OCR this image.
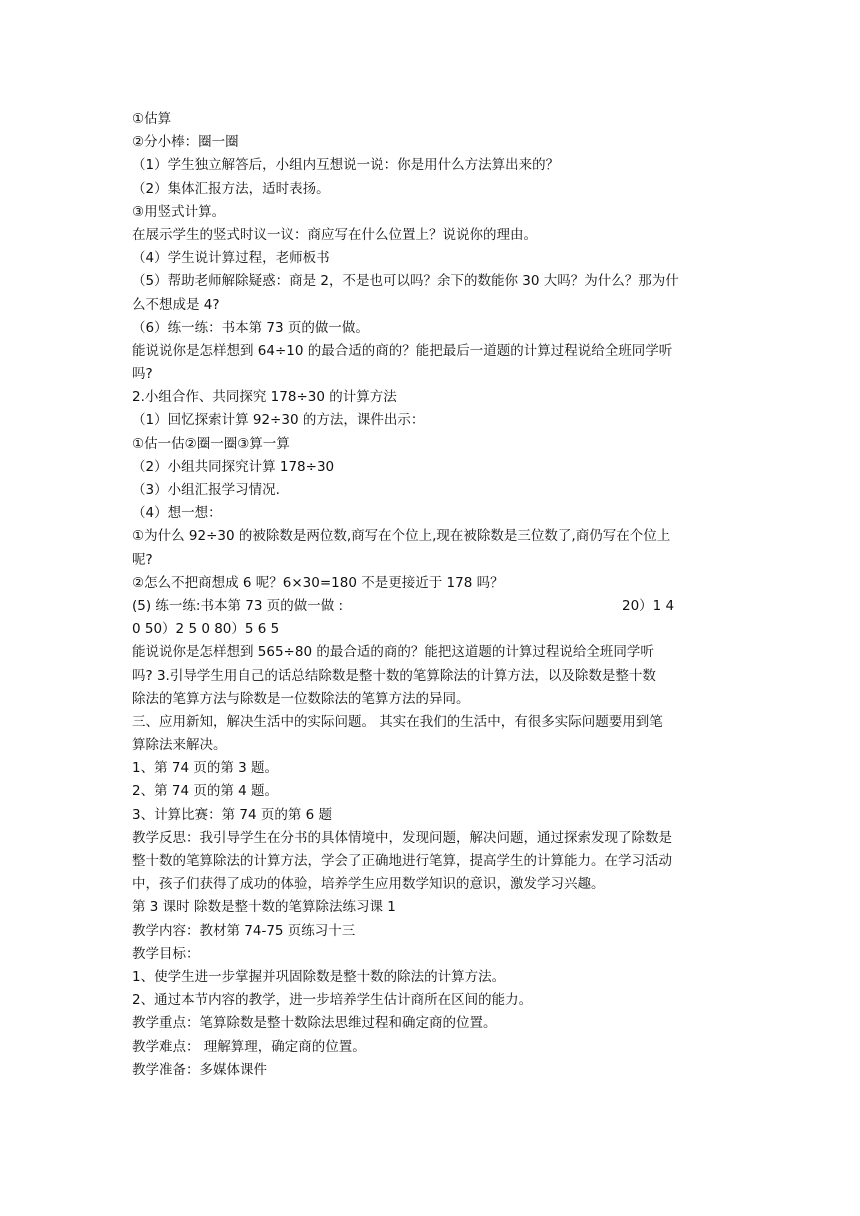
①估算
②分小棒：圈一圈
（1）学生独立解答后，小组内互想说一说：你是用什么方法算出来的？
（2）集体汇报方法，适时表扬。
③用竖式计算。
在展示学生的竖式时议一议：商应写在什么位置上？说说你的理由。
（4）学生说计算过程，老师板书
（5）帮助老师解除疑惑：商是 2，不是也可以吗？余下的数能你 30 大吗？为什么？那为什
么不想成是 4?
（6）练一练：书本第 73 页的做一做。
能说说你是怎样想到 64÷10 的最合适的商的？能把最后一道题的计算过程说给全班同学听
吗?
2.小组合作、共同探究 178÷30 的计算方法
（1）回忆探索计算 92÷30 的方法，课件出示：
①估一估②圈一圈③算一算
（2）小组共同探究计算 178÷30
（3）小组汇报学习情况.
（4）想一想：
①为什么 92÷30 的被除数是两位数,商写在个位上,现在被除数是三位数了,商仍写在个位上
呢?
②怎么不把商想成 6 呢？6×30=180 不是更接近于 178 吗？
(5) 练一练:书本第 73 页的做一做 :	20）1 4
0 50）2 5 0 80）5 6 5
能说说你是怎样想到 565÷80 的最合适的商的？能把这道题的计算过程说给全班同学听
吗? 3.引导学生用自己的话总结除数是整十数的笔算除法的计算方法，以及除数是整十数
除法的笔算方法与除数是一位数除法的笔算方法的异同。
三、应用新知，解决生活中的实际问题。 其实在我们的生活中，有很多实际问题要用到笔
算除法来解决。
1、第 74 页的第 3 题。
2、第 74 页的第 4 题。
3、计算比赛：第 74 页的第 6 题
教学反思：我引导学生在分书的具体情境中，发现问题，解决问题，通过探索发现了除数是
整十数的笔算除法的计算方法，学会了正确地进行笔算，提高学生的计算能力。在学习活动
中，孩子们获得了成功的体验，培养学生应用数学知识的意识，激发学习兴趣。
第 3 课时 除数是整十数的笔算除法练习课 1
教学内容：教材第 74-75 页练习十三
教学目标：
1、使学生进一步掌握并巩固除数是整十数的除法的计算方法。
2、通过本节内容的教学，进一步培养学生估计商所在区间的能力。
教学重点：笔算除数是整十数除法思维过程和确定商的位置。
教学难点： 理解算理，确定商的位置。
教学准备：多媒体课件
